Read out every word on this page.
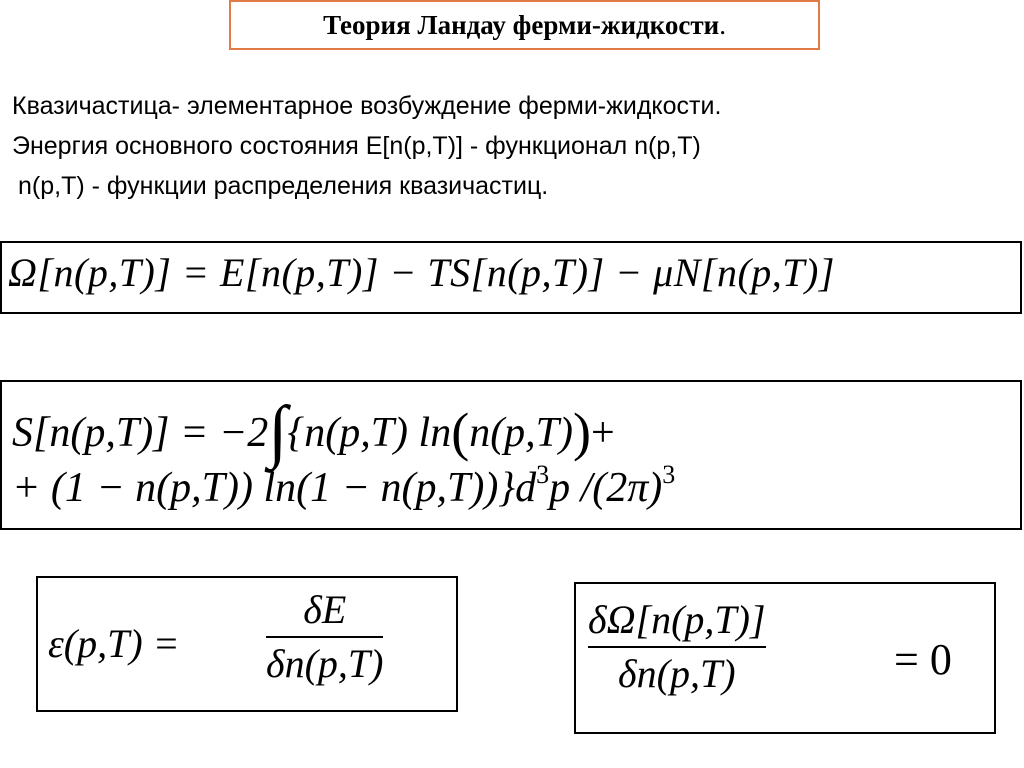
Теория Ландау ферми-жидкости .
Квазичастица- элементарное возбуждение ферми-жидкости.
Энергия основного состояния E[n(p,T)] - функционал n(p,T)
n(p,T) - функции распределения квазичастиц.
Ω[n(p,T)] = E[n(p,T)] − TS[n(p,T)] − μN[n(p,T)]
S[n(p,T)] = −2∫{n(p,T) ln(n(p,T))+
+ (1 − n(p,T)) $\ln(1 - n(p,T))\}d^3p$ $/(2\pi)^3$
ε(p,T) =
δE
δn(p,T)
δΩ[n(p,T)]
δn(p,T)	= 0
